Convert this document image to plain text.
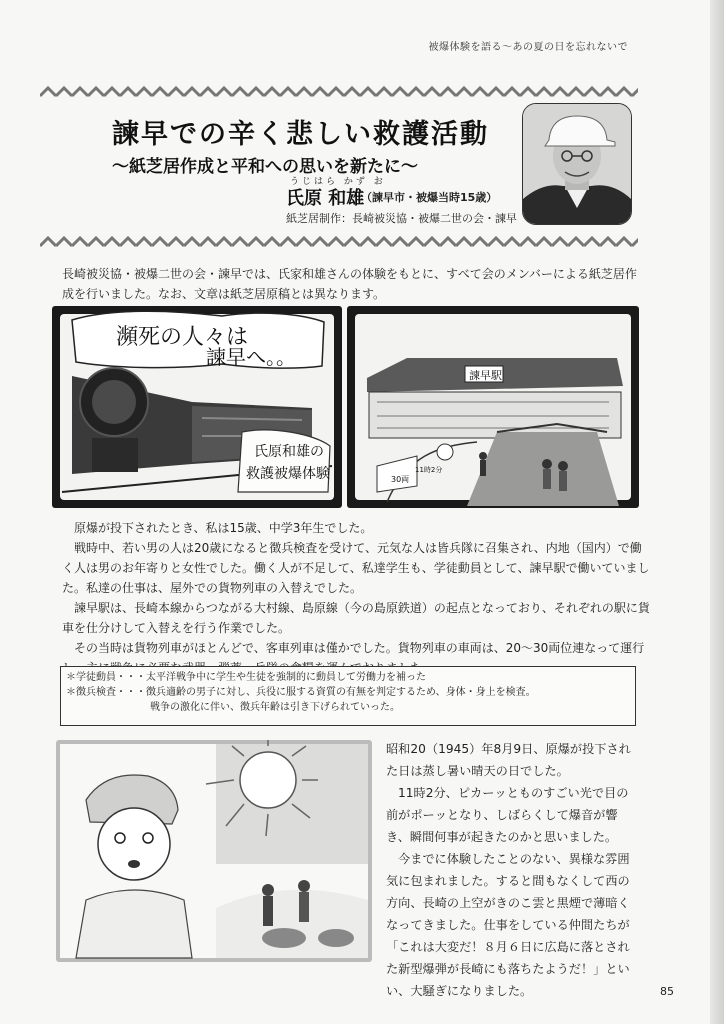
被爆体験を語る〜あの夏の日を忘れないで
諫早での辛く悲しい救護活動
〜紙芝居作成と平和への思いを新たに〜
うじはら かず お
氏原 和雄
（諫早市・被爆当時15歳）
紙芝居制作：長崎被災協・被爆二世の会・諫早
長崎被災協・被爆二世の会・諫早では、氏家和雄さんの体験をもとに、すべて会のメンバーによる紙芝居作成を行いました。なお、文章は紙芝居原稿とは異なります。
瀕死の人々は
諫早へ。。
氏原和雄の
救護被爆体験
諫早駅
11時2分
30両

原爆が投下されたとき、私は15歳、中学3年生でした。

戦時中、若い男の人は20歳になると徴兵検査を受けて、元気な人は皆兵隊に召集され、内地（国内）で働く人は男のお年寄りと女性でした。働く人が不足して、私達学生も、学徒動員として、諫早駅で働いていました。私達の仕事は、屋外での貨物列車の入替えでした。

諫早駅は、長崎本線からつながる大村線、島原線（今の島原鉄道）の起点となっており、それぞれの駅に貨車を仕分けして入替えを行う作業でした。

その当時は貨物列車がほとんどで、客車列車は僅かでした。貨物列車の車両は、20〜30両位連なって運行

＊学徒動員・・・太平洋戦争中に学生や生徒を強制的に動員して労働力を補った
＊徴兵検査・・・徴兵適齢の男子に対し、兵役に服する資質の有無を判定するため、身体・身上を検査。
戦争の激化に伴い、徴兵年齢は引き下げられていった。

昭和20（1945）年8月9日、原爆が投下された日は蒸し暑い晴天の日でした。

11時2分、ピカーッとものすごい光で目の前がポーッとなり、しばらくして爆音が響き、瞬間何事が起きたのかと思いました。

今までに体験したことのない、異様な雰囲気に包まれました。すると間もなくして西の方向、長崎の上空がきのこ雲と黒煙で薄暗くなってきました。仕事をしている仲間たちが「これは大変だ！８月６日に広島に落とされた新型爆弾が長崎にも落ちたようだ！」といい、大騒ぎになりました。	85
